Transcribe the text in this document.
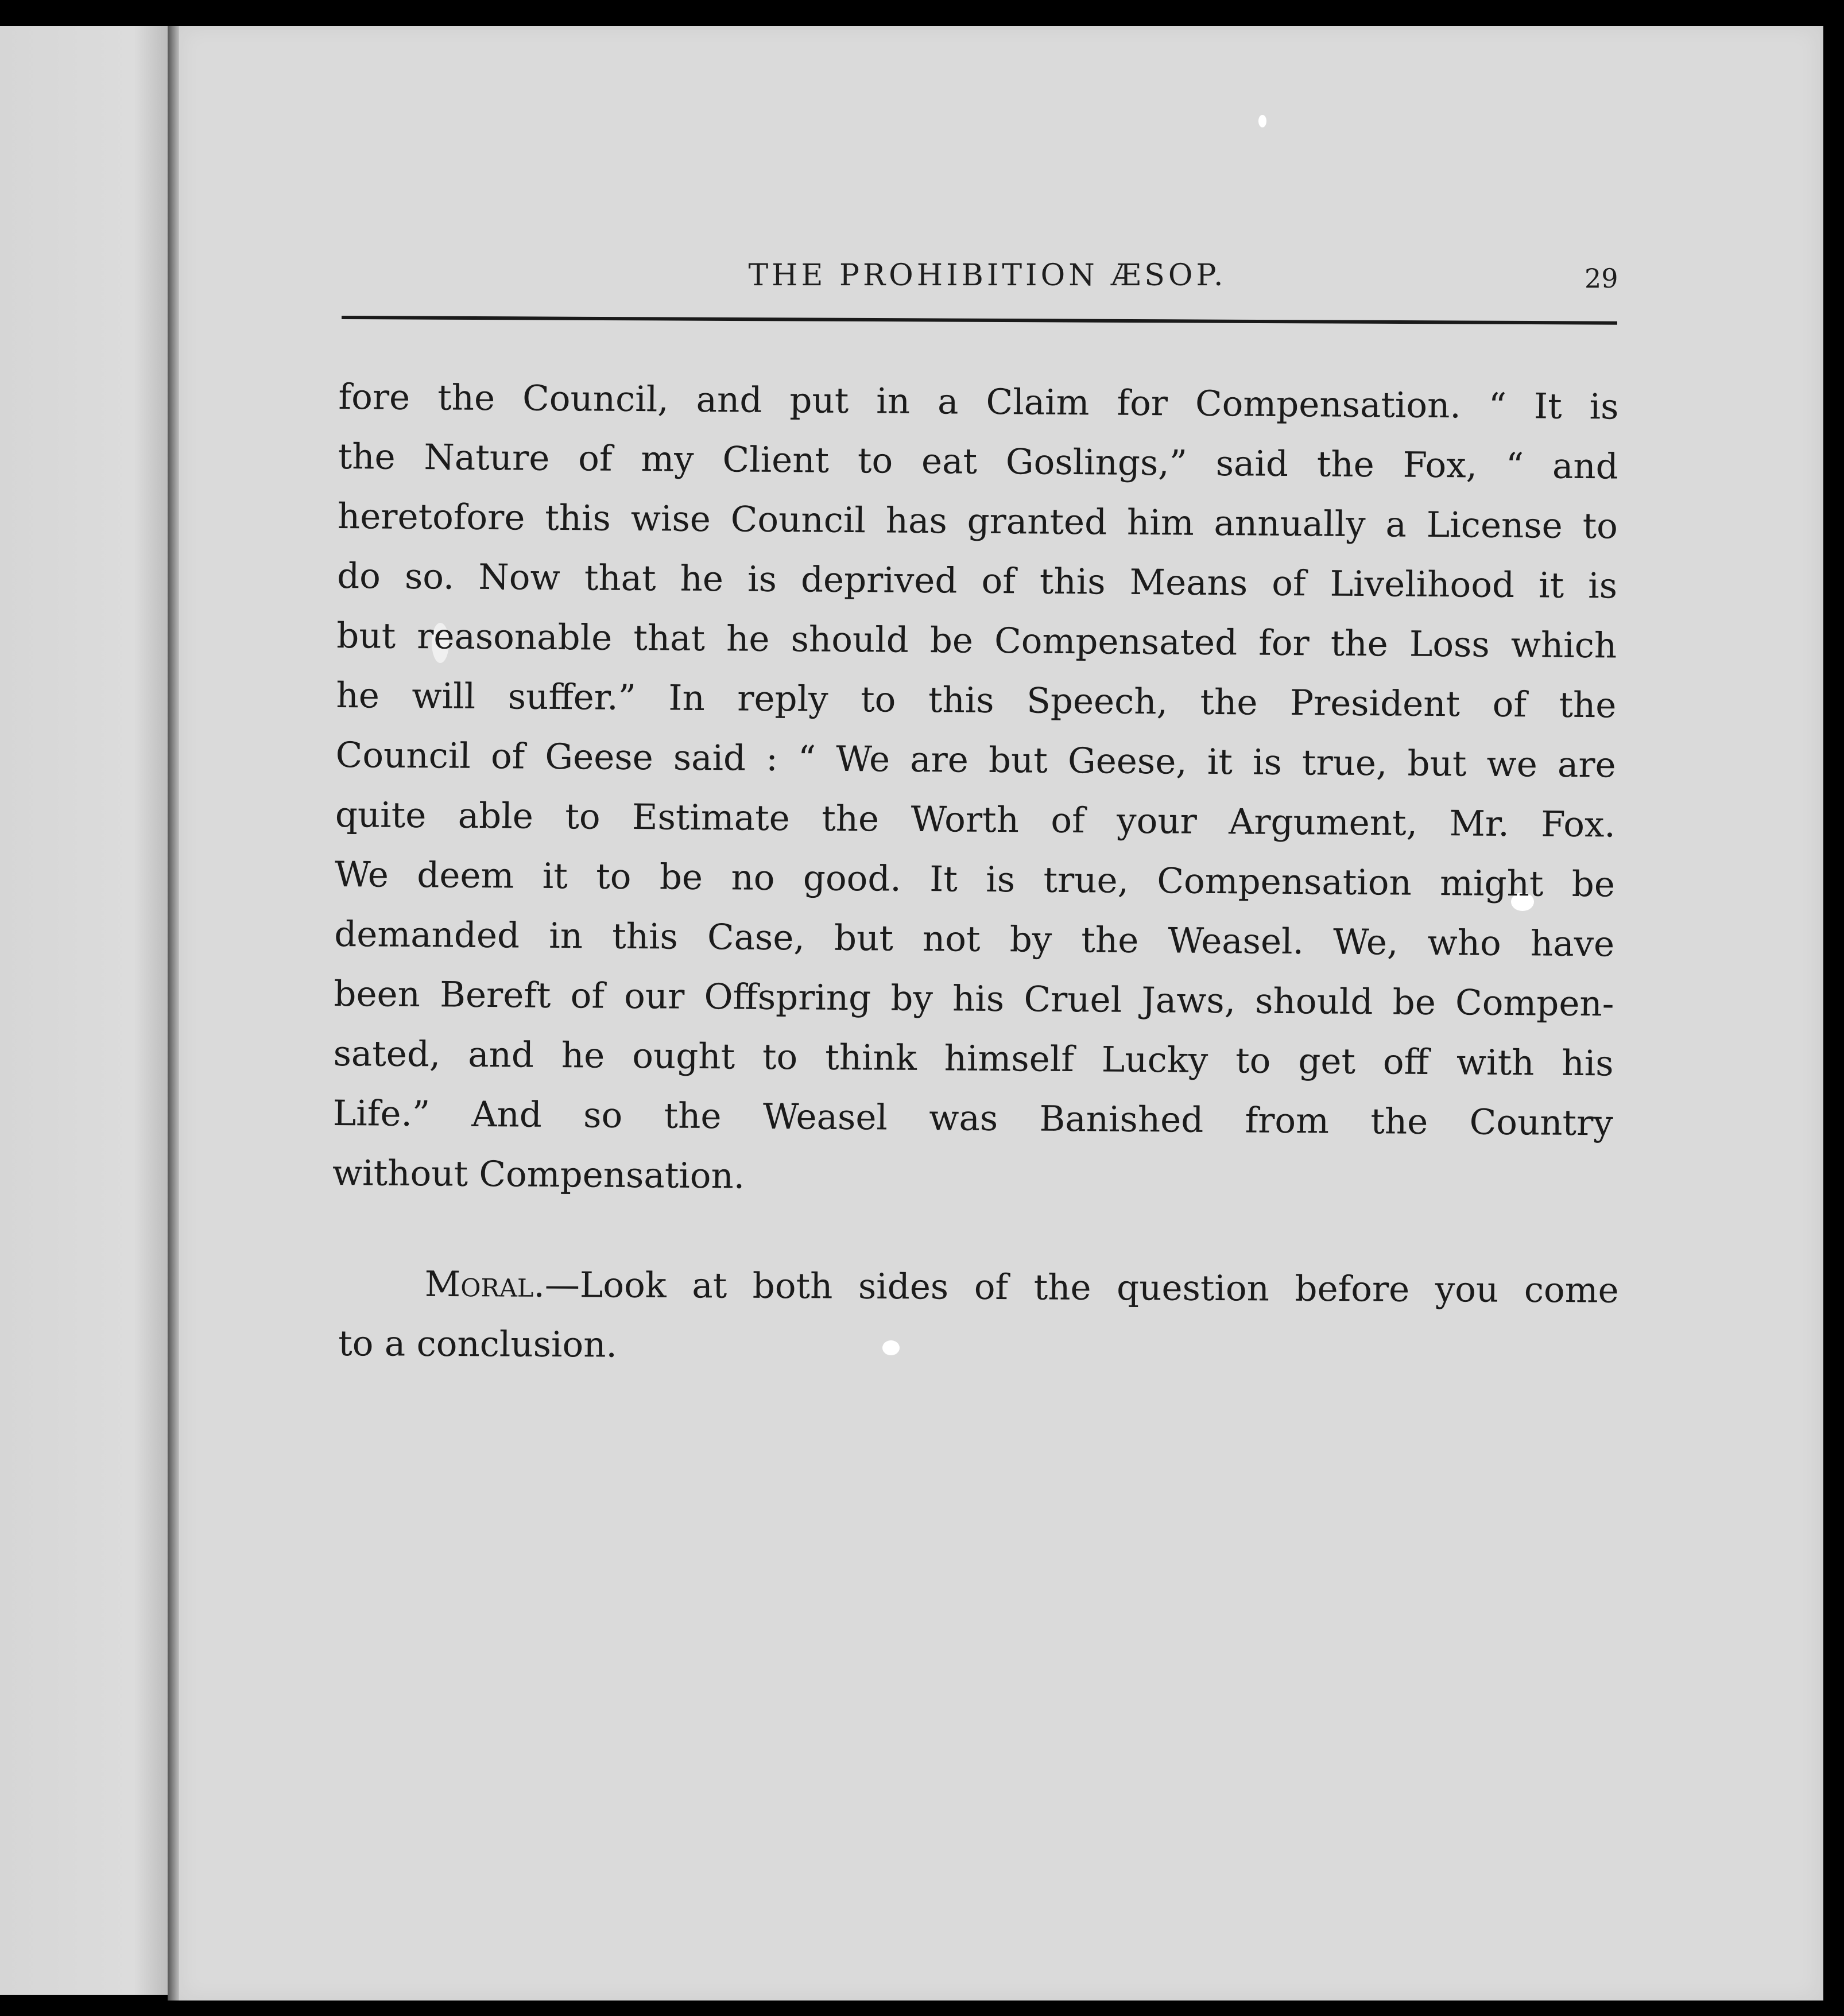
THE PROHIBITION ÆSOP.	29
fore the Council, and put in a Claim for Compensation. “ It is
the Nature of my Client to eat Goslings,” said the Fox, “ and
heretofore this wise Council has granted him annually a License to
do so. Now that he is deprived of this Means of Livelihood it is
but reasonable that he should be Compensated for the Loss which
he will suffer.” In reply to this Speech, the President of the
Council of Geese said : “ We are but Geese, it is true, but we are
quite able to Estimate the Worth of your Argument, Mr. Fox.
We deem it to be no good. It is true, Compensation might be
demanded in this Case, but not by the Weasel. We, who have
been Bereft of our Offspring by his Cruel Jaws, should be Compen-
sated, and he ought to think himself Lucky to get off with his
Life.” And so the Weasel was Banished from the Country
without Compensation.
Moral.—Look at both sides of the question before you come
to a conclusion.
